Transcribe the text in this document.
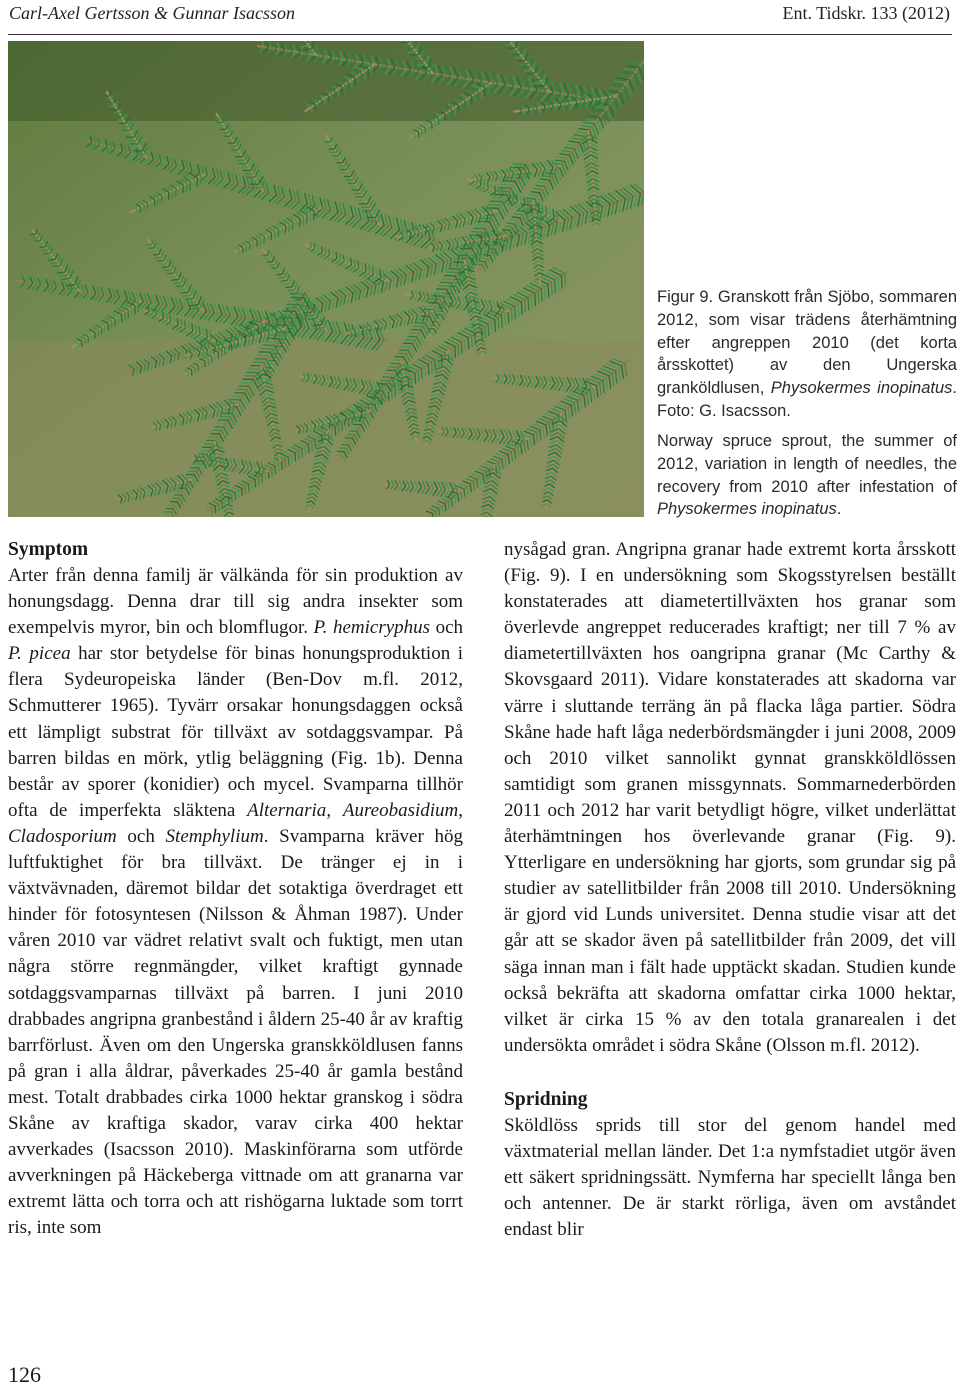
Carl-Axel Gertsson & Gunnar Isacsson	Ent. Tidskr. 133 (2012)
Figur 9. Granskott från Sjöbo, sommaren 2012, som visar trädens återhämtning efter angreppen 2010 (det korta årsskottet) av den Ungerska granköldlusen, Physokermes inopinatus. Foto: G. Isacsson.
Norway spruce sprout, the summer of 2012, variation in length of needles, the recovery from 2010 after infestation of Physokermes inopinatus.
Symptom

Arter från denna familj är välkända för sin produktion av honungsdagg. Denna drar till sig andra insekter som exempelvis myror, bin och blomflugor. P. hemicryphus och P. picea har stor betydelse för binas honungsproduktion i flera Sydeuropeiska länder (Ben-Dov m.fl. 2012, Schmutterer 1965). Tyvärr orsakar honungsdaggen också ett lämpligt substrat för tillväxt av sotdaggsvampar. På barren bildas en mörk, ytlig beläggning (Fig. 1b). Denna består av sporer (konidier) och mycel. Svamparna tillhör ofta de imperfekta släktena Alternaria, Aureobasidium, Cladosporium och Stemphylium. Svamparna kräver hög luftfuktighet för bra tillväxt. De tränger ej in i växtvävnaden, däremot bildar det sotaktiga överdraget ett hinder för fotosyntesen (Nilsson & Åhman 1987). Under våren 2010 var vädret relativt svalt och fuktigt, men utan några större regnmängder, vilket kraftigt gynnade sotdaggsvamparnas tillväxt på barren. I juni 2010 drabbades angripna granbestånd i åldern 25-40 år av kraftig barrförlust. Även om den Ungerska granskköldlusen fanns på gran i alla åldrar, påverkades 25-40 år gamla bestånd mest. Totalt drabbades cirka 1000 hektar granskog i södra Skåne av kraftiga skador, varav cirka 400 hektar avverkades (Isacsson 2010). Maskinförarna som utförde avverkningen på Häckeberga vittnade om att granarna var extremt lätta och torra och att rishögarna luktade som torrt ris, inte som

nysågad gran. Angripna granar hade extremt korta årsskott (Fig. 9). I en undersökning som Skogsstyrelsen beställt konstaterades att diametertillväxten hos granar som överlevde angreppet reducerades kraftigt; ner till 7 % av diametertillväxten hos oangripna granar (Mc Carthy & Skovsgaard 2011). Vidare konstaterades att skadorna var värre i sluttande terräng än på flacka låga partier. Södra Skåne hade haft låga nederbördsmängder i juni 2008, 2009 och 2010 vilket sannolikt gynnat granskköldlössen samtidigt som granen missgynnats. Sommarnederbörden 2011 och 2012 har varit betydligt högre, vilket underlättat återhämtningen hos överlevande granar (Fig. 9). Ytterligare en undersökning har gjorts, som grundar sig på studier av satellitbilder från 2008 till 2010. Undersökning är gjord vid Lunds universitet. Denna studie visar att det går att se skador även på satellitbilder från 2009, det vill säga innan man i fält hade upptäckt skadan. Studien kunde också bekräfta att skadorna omfattar cirka 1000 hektar, vilket är cirka 15 % av den totala granarealen i det undersökta området i södra Skåne (Olsson m.fl. 2012).

Spridning

Sköldlöss sprids till stor del genom handel med växtmaterial mellan länder. Det 1:a nymfstadiet utgör även ett säkert spridningssätt. Nymferna har speciellt långa ben och antenner. De är starkt rörliga, även om avståndet endast blir

126
